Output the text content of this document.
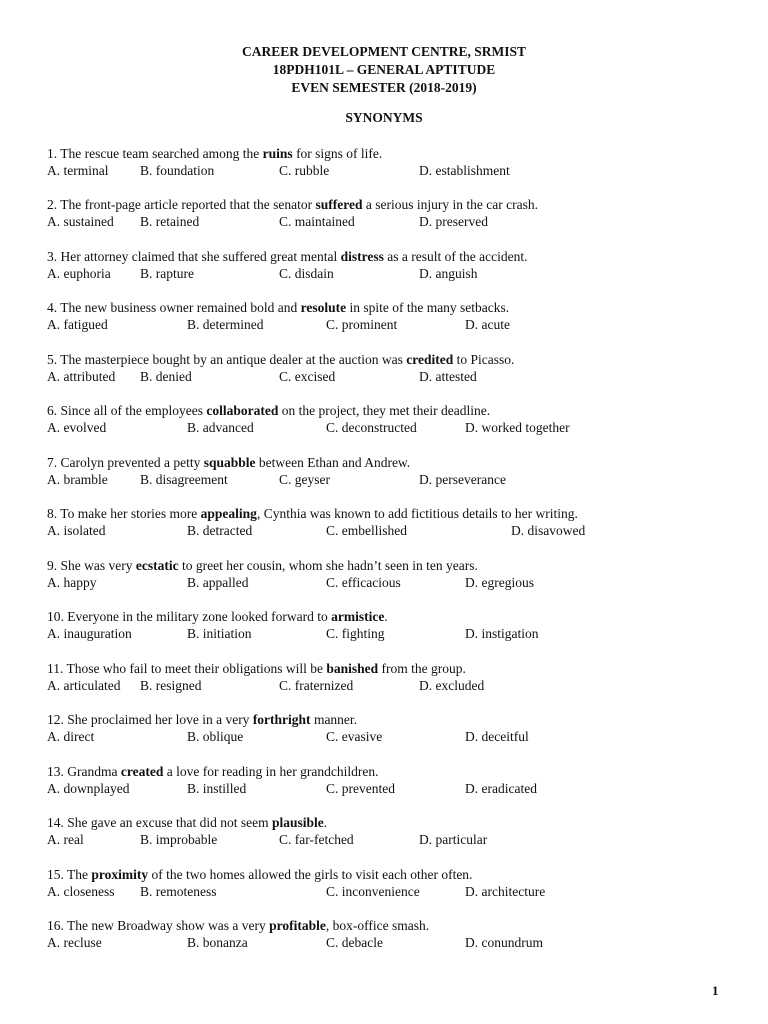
CAREER DEVELOPMENT CENTRE, SRMIST
18PDH101L – GENERAL APTITUDE
EVEN SEMESTER (2018-2019)
SYNONYMS
1. The rescue team searched among the ruins for signs of life.
A. terminal B. foundation	C. rubble	D. establishment
2. The front-page article reported that the senator suffered a serious injury in the car crash.
A. sustained B. retained	C. maintained	D. preserved
3. Her attorney claimed that she suffered great mental distress as a result of the accident.
A. euphoria B. rapture	C. disdain	D. anguish
4. The new business owner remained bold and resolute in spite of the many setbacks.
A. fatigued	B. determined	C. prominent	D. acute
5. The masterpiece bought by an antique dealer at the auction was credited to Picasso.
A. attributed B. denied	C. excised	D. attested
6. Since all of the employees collaborated on the project, they met their deadline.
A. evolved	B. advanced	C. deconstructed	D. worked together
7. Carolyn prevented a petty squabble between Ethan and Andrew.
A. bramble B. disagreement	C. geyser	D. perseverance
8. To make her stories more appealing, Cynthia was known to add fictitious details to her writing.
A. isolated	B. detracted	C. embellished	D. disavowed
9. She was very ecstatic to greet her cousin, whom she hadn’t seen in ten years.
A. happy	B. appalled	C. efficacious	D. egregious
10. Everyone in the military zone looked forward to armistice.
A. inauguration	B. initiation	C. fighting	D. instigation
11. Those who fail to meet their obligations will be banished from the group.
A. articulated B. resigned	C. fraternized	D. excluded
12. She proclaimed her love in a very forthright manner.
A. direct	B. oblique	C. evasive	D. deceitful
13. Grandma created a love for reading in her grandchildren.
A. downplayed	B. instilled	C. prevented	D. eradicated
14. She gave an excuse that did not seem plausible.
A. real	B. improbable	C. far-fetched	D. particular
15. The proximity of the two homes allowed the girls to visit each other often.
A. closeness B. remoteness	C. inconvenience	D. architecture
16. The new Broadway show was a very profitable, box-office smash.
A. recluse	B. bonanza	C. debacle	D. conundrum
1
